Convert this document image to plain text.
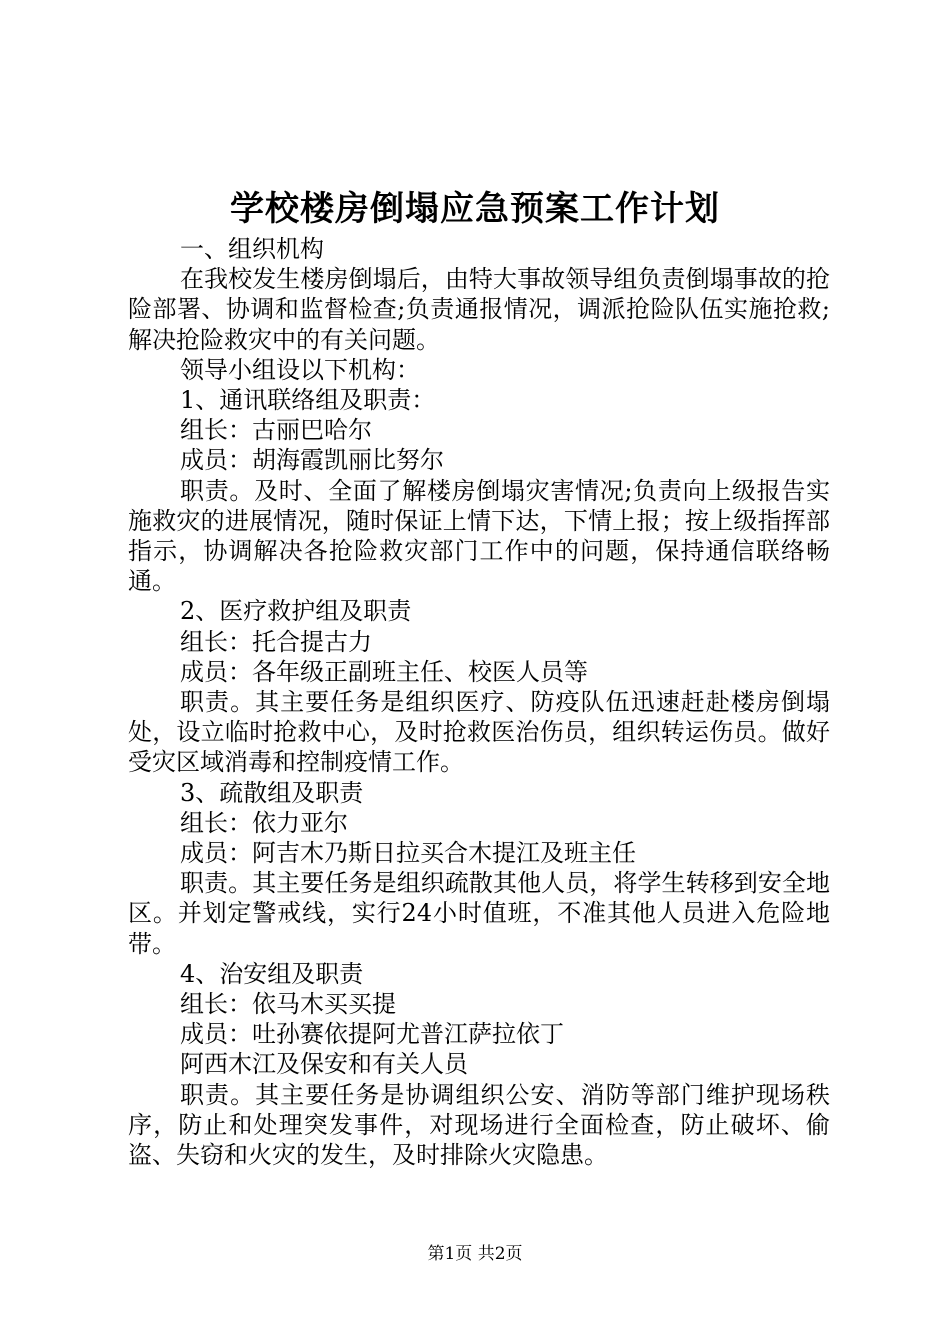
学校楼房倒塌应急预案工作计划

一、组织机构

在我校发生楼房倒塌后，由特大事故领导组负责倒塌事故的抢险部署、协调和监督检查;负责通报情况，调派抢险队伍实施抢救;解决抢险救灾中的有关问题。

领导小组设以下机构：

1、通讯联络组及职责：

组长：古丽巴哈尔

成员：胡海霞凯丽比努尔

职责。及时、全面了解楼房倒塌灾害情况;负责向上级报告实施救灾的进展情况，随时保证上情下达，下情上报；按上级指挥部指示，协调解决各抢险救灾部门工作中的问题，保持通信联络畅通。

2、医疗救护组及职责

组长：托合提古力

成员：各年级正副班主任、校医人员等

职责。其主要任务是组织医疗、防疫队伍迅速赶赴楼房倒塌处，设立临时抢救中心，及时抢救医治伤员，组织转运伤员。做好受灾区域消毒和控制疫情工作。

3、疏散组及职责

组长：依力亚尔

成员：阿吉木乃斯日拉买合木提江及班主任

职责。其主要任务是组织疏散其他人员，将学生转移到安全地区。并划定警戒线，实行24小时值班，不准其他人员进入危险地带。

4、治安组及职责

组长：依马木买买提

成员：吐孙赛依提阿尤普江萨拉依丁

阿西木江及保安和有关人员

职责。其主要任务是协调组织公安、消防等部门维护现场秩序，防止和处理突发事件，对现场进行全面检查，防止破坏、偷盗、失窃和火灾的发生，及时排除火灾隐患。

第1页 共2页
